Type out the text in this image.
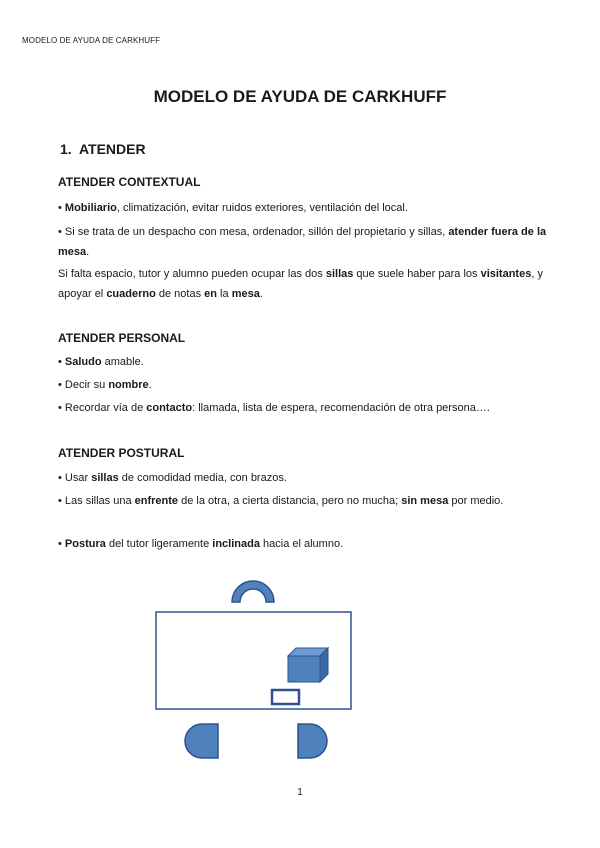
MODELO DE AYUDA DE CARKHUFF
MODELO DE AYUDA DE CARKHUFF
1. ATENDER
ATENDER CONTEXTUAL
• Mobiliario, climatización, evitar ruidos exteriores, ventilación del local.
• Si se trata de un despacho con mesa, ordenador, sillón del propietario y sillas, atender fuera de la mesa.
Si falta espacio, tutor y alumno pueden ocupar las dos sillas que suele haber para los visitantes, y apoyar el cuaderno de notas en la mesa.
ATENDER PERSONAL
• Saludo amable.
• Decir su nombre.
• Recordar vía de contacto: llamada, lista de espera, recomendación de otra persona….
ATENDER POSTURAL
• Usar sillas de comodidad media, con brazos.
• Las sillas una enfrente de la otra, a cierta distancia, pero no mucha; sin mesa por medio.
• Postura del tutor ligeramente inclinada hacia el alumno.
1
